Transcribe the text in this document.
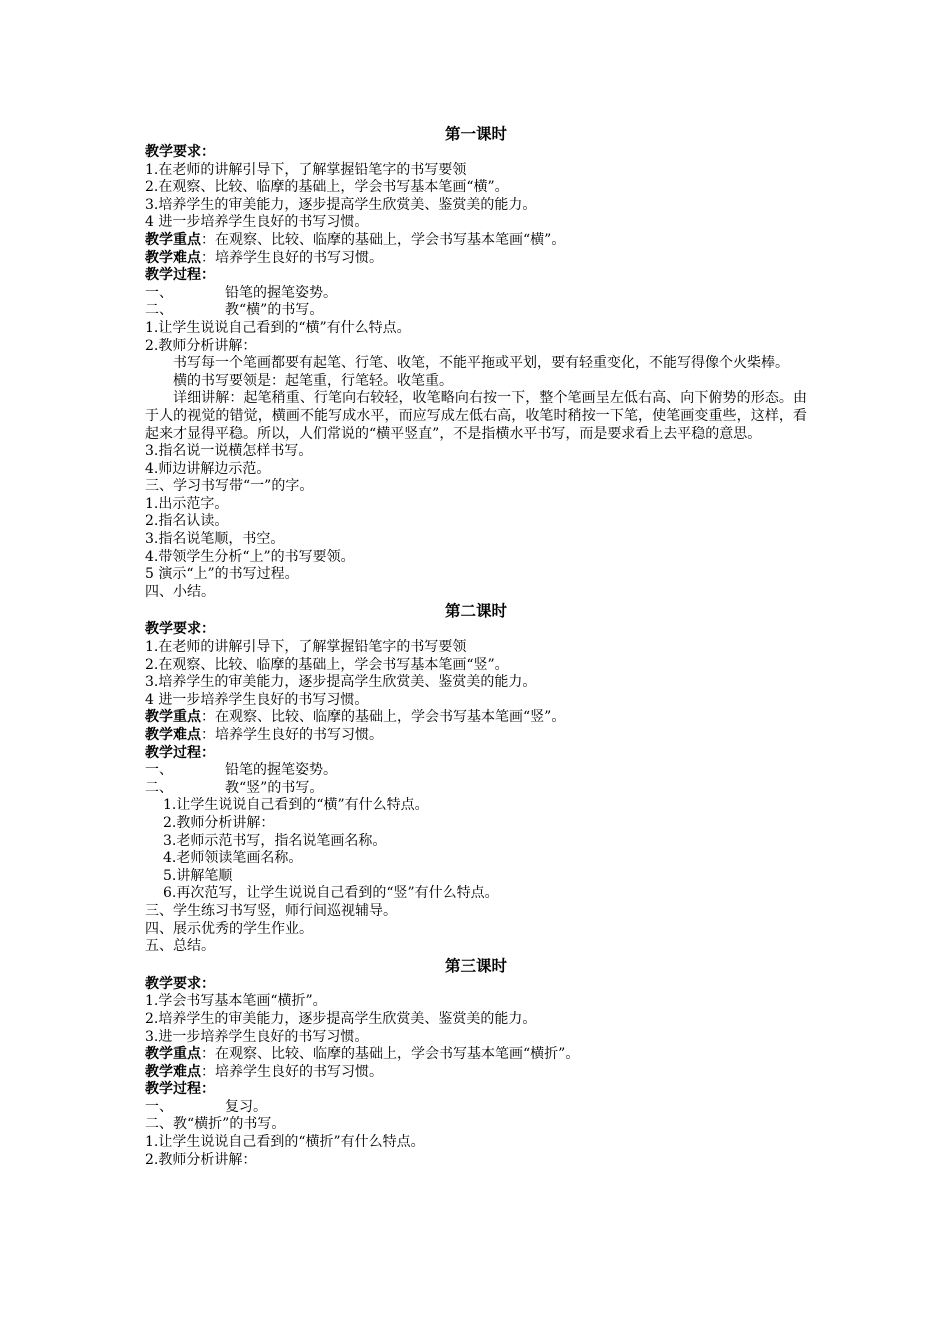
第一课时

教学要求：

1.在老师的讲解引导下，了解掌握铅笔字的书写要领

2.在观察、比较、临摩的基础上，学会书写基本笔画“横”。

3.培养学生的审美能力，逐步提高学生欣赏美、鉴赏美的能力。

4 进一步培养学生良好的书写习惯。

教学重点：在观察、比较、临摩的基础上，学会书写基本笔画“横”。

教学难点：培养学生良好的书写习惯。

教学过程：

一、	铅笔的握笔姿势。

二、	教“横”的书写。

1.让学生说说自己看到的“横”有什么特点。

2.教师分析讲解：

书写每一个笔画都要有起笔、行笔、收笔，不能平拖或平划，要有轻重变化，不能写得像个火柴棒。

横的书写要领是：起笔重，行笔轻。收笔重。

详细讲解：起笔稍重、行笔向右较轻，收笔略向右按一下，整个笔画呈左低右高、向下俯势的形态。由于人的视觉的错觉，横画不能写成水平，而应写成左低右高，收笔时稍按一下笔，使笔画变重些，这样，看起来才显得平稳。所以，人们常说的“横平竖直”，不是指横水平书写，而是要求看上去平稳的意思。

3.指名说一说横怎样书写。

4.师边讲解边示范。

三、学习书写带“一”的字。

1.出示范字。

2.指名认读。

3.指名说笔顺，书空。

4.带领学生分析“上”的书写要领。

5 演示“上”的书写过程。

四、小结。

第二课时

教学要求：

1.在老师的讲解引导下，了解掌握铅笔字的书写要领

2.在观察、比较、临摩的基础上，学会书写基本笔画“竖”。

3.培养学生的审美能力，逐步提高学生欣赏美、鉴赏美的能力。

4 进一步培养学生良好的书写习惯。

教学重点：在观察、比较、临摩的基础上，学会书写基本笔画“竖”。

教学难点：培养学生良好的书写习惯。

教学过程：

一、	铅笔的握笔姿势。

二、	教“竖”的书写。

1.让学生说说自己看到的“横”有什么特点。

2.教师分析讲解：

3.老师示范书写，指名说笔画名称。

4.老师领读笔画名称。

5.讲解笔顺

6.再次范写，让学生说说自己看到的“竖”有什么特点。

三、学生练习书写竖，师行间巡视辅导。

四、展示优秀的学生作业。

五、总结。

第三课时

教学要求：

1.学会书写基本笔画“横折”。

2.培养学生的审美能力，逐步提高学生欣赏美、鉴赏美的能力。

3.进一步培养学生良好的书写习惯。

教学重点：在观察、比较、临摩的基础上，学会书写基本笔画“横折”。

教学难点：培养学生良好的书写习惯。

教学过程：

一、	复习。

二、教“横折”的书写。

1.让学生说说自己看到的“横折”有什么特点。

2.教师分析讲解：
